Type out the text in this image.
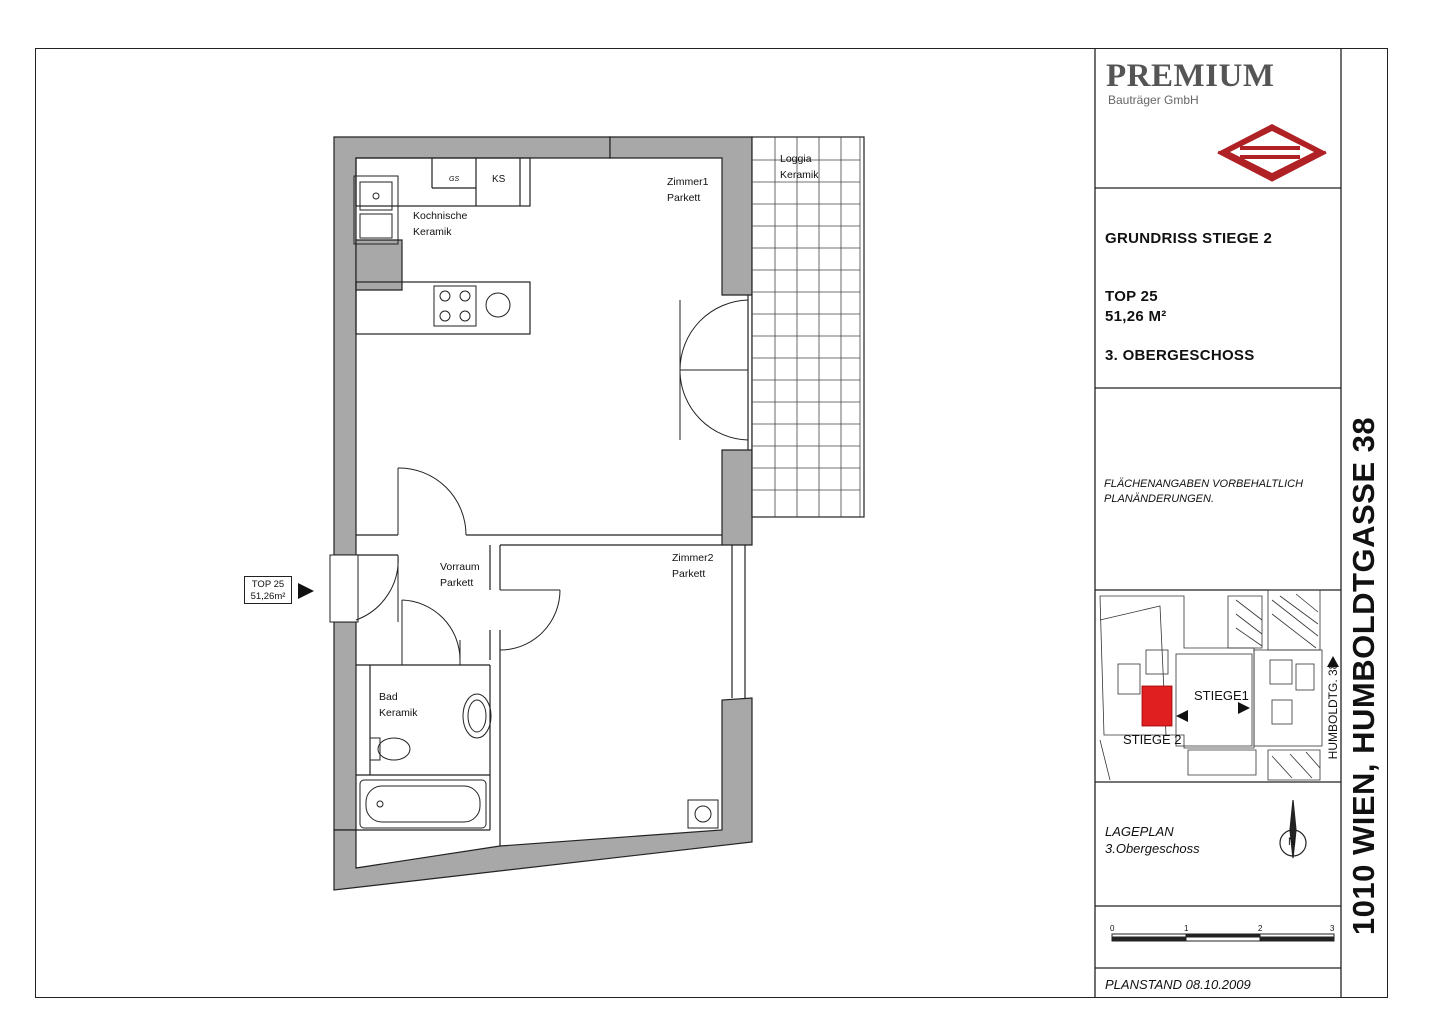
PREMIUM
Bauträger GmbH
GRUNDRISS STIEGE 2
TOP 25
51,26 M²
3. OBERGESCHOSS
FLÄCHENANGABEN VORBEHALTLICH
PLANÄNDERUNGEN.
LAGEPLAN
3.Obergeschoss	N
PLANSTAND 08.10.2009
0	1	2	3
STIEGE1
STIEGE 2	HUMBOLDTG. 38 1010 WIEN, HUMBOLDTGASSE 38
Kochnische
Keramik
Zimmer1
Parkett
Loggia
Keramik
Vorraum
Parkett
Zimmer2
Parkett
Bad
Keramik
GS	KS
TOP 25
51,26m²
